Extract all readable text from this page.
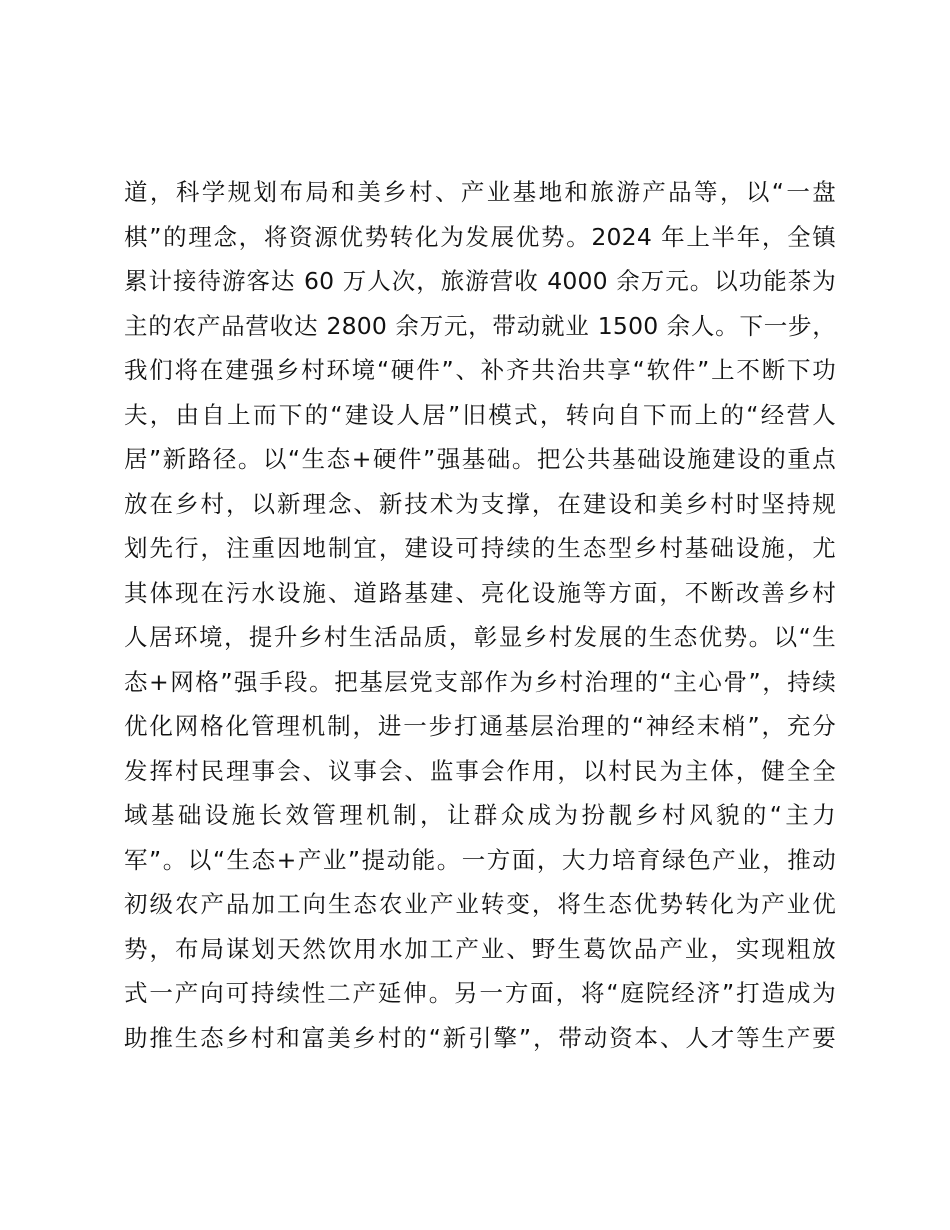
道，科学规划布局和美乡村、产业基地和旅游产品等，以“一盘
棋”的理念，将资源优势转化为发展优势。2024 年上半年，全镇
累计接待游客达 60 万人次，旅游营收 4000 余万元。以功能茶为
主的农产品营收达 2800 余万元，带动就业 1500 余人。下一步，
我们将在建强乡村环境“硬件”、补齐共治共享“软件”上不断下功
夫，由自上而下的“建设人居”旧模式，转向自下而上的“经营人
居”新路径。以“生态+硬件”强基础。把公共基础设施建设的重点
放在乡村，以新理念、新技术为支撑，在建设和美乡村时坚持规
划先行，注重因地制宜，建设可持续的生态型乡村基础设施，尤
其体现在污水设施、道路基建、亮化设施等方面，不断改善乡村
人居环境，提升乡村生活品质，彰显乡村发展的生态优势。以“生
态+网格”强手段。把基层党支部作为乡村治理的“主心骨”，持续
优化网格化管理机制，进一步打通基层治理的“神经末梢”，充分
发挥村民理事会、议事会、监事会作用，以村民为主体，健全全
域基础设施长效管理机制，让群众成为扮靓乡村风貌的“主力
军”。以“生态+产业”提动能。一方面，大力培育绿色产业，推动
初级农产品加工向生态农业产业转变，将生态优势转化为产业优
势，布局谋划天然饮用水加工产业、野生葛饮品产业，实现粗放
式一产向可持续性二产延伸。另一方面，将“庭院经济”打造成为
助推生态乡村和富美乡村的“新引擎”，带动资本、人才等生产要
